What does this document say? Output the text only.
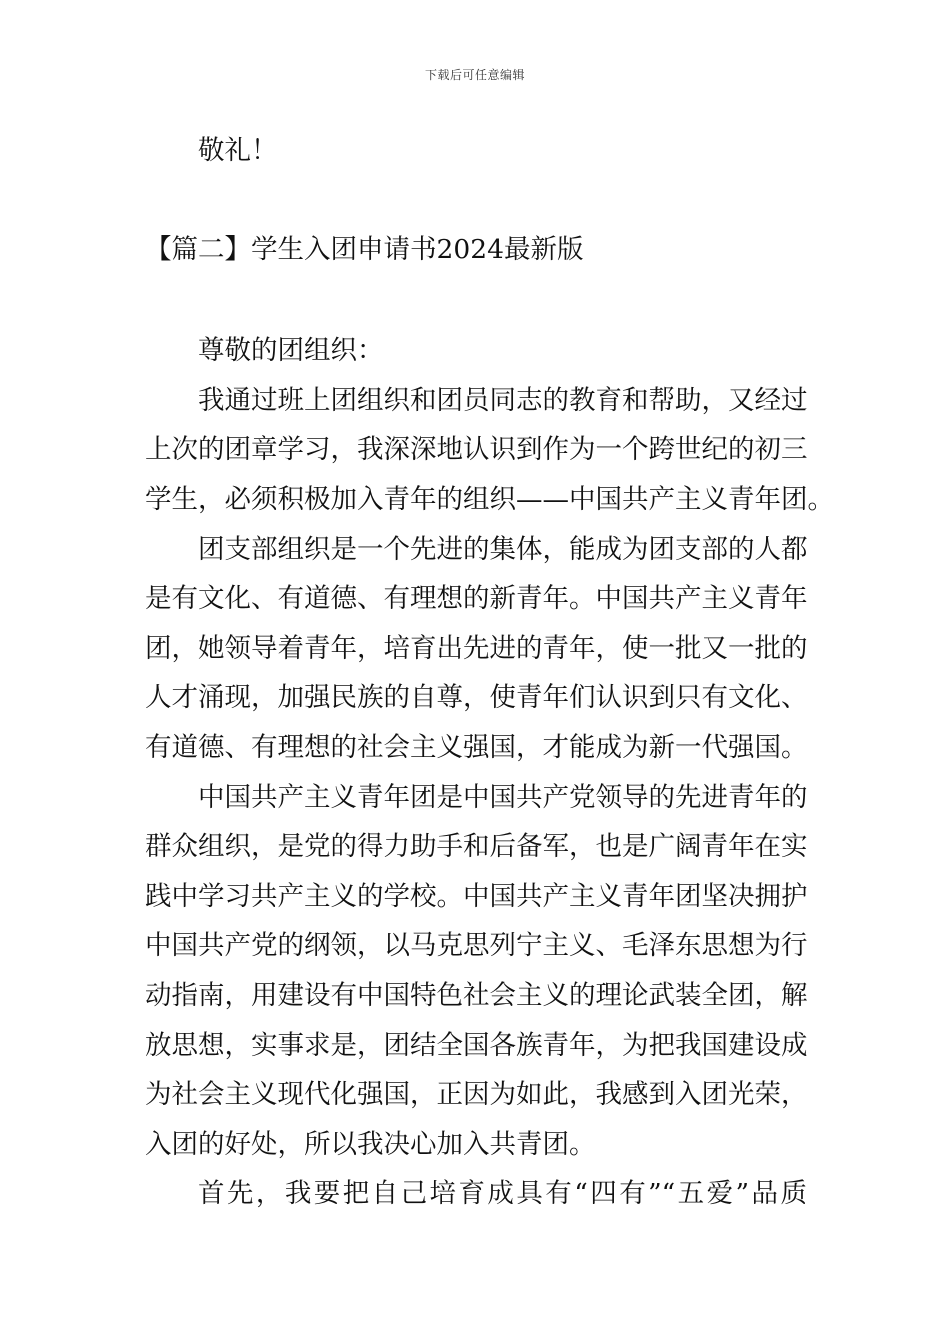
下载后可任意编辑
敬礼！
【篇二】学生入团申请书2024最新版
尊敬的团组织：
我通过班上团组织和团员同志的教育和帮助，又经过
上次的团章学习，我深深地认识到作为一个跨世纪的初三
学生，必须积极加入青年的组织——中国共产主义青年团。
团支部组织是一个先进的集体，能成为团支部的人都
是有文化、有道德、有理想的新青年。中国共产主义青年
团，她领导着青年，培育出先进的青年，使一批又一批的
人才涌现，加强民族的自尊，使青年们认识到只有文化、
有道德、有理想的社会主义强国，才能成为新一代强国。
中国共产主义青年团是中国共产党领导的先进青年的
群众组织，是党的得力助手和后备军，也是广阔青年在实
践中学习共产主义的学校。中国共产主义青年团坚决拥护
中国共产党的纲领，以马克思列宁主义、毛泽东思想为行
动指南，用建设有中国特色社会主义的理论武装全团，解
放思想，实事求是，团结全国各族青年，为把我国建设成
为社会主义现代化强国，正因为如此，我感到入团光荣，
入团的好处，所以我决心加入共青团。
首先，我要把自己培育成具有“四有”“五爱”品质
